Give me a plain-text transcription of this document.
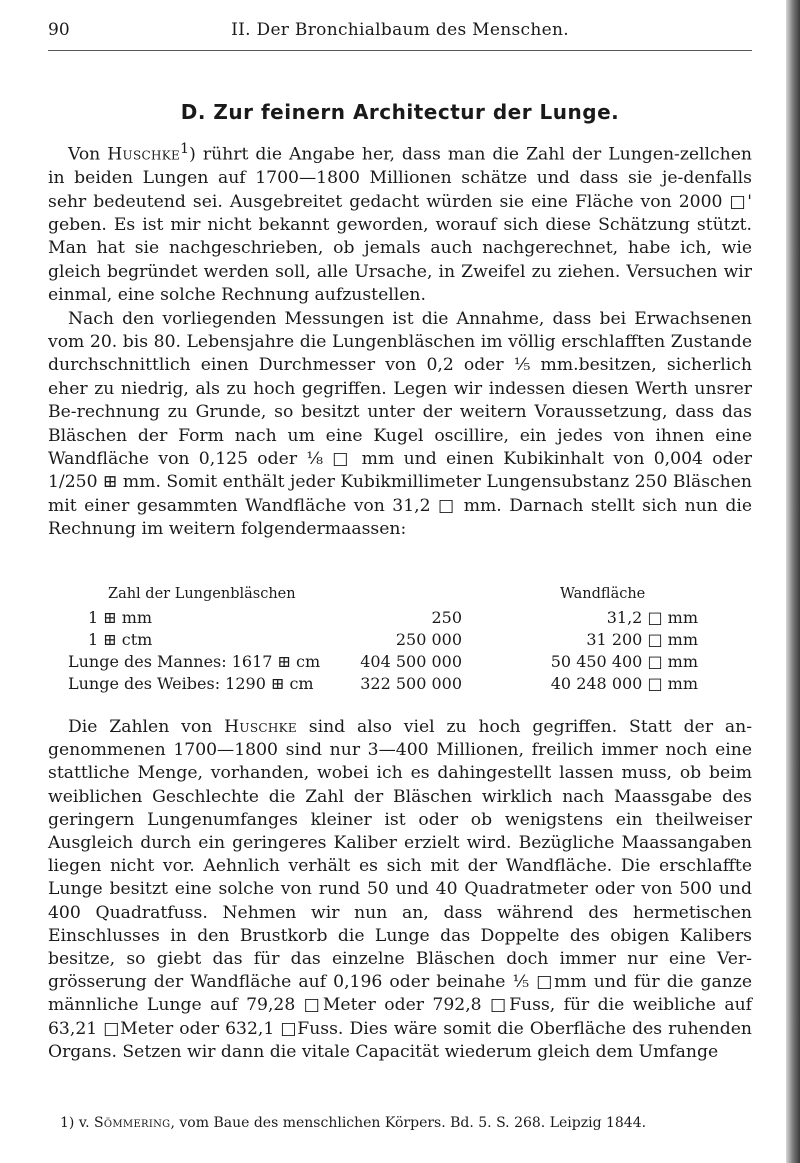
90	II. Der Bronchialbaum des Menschen.
D. Zur feinern Architectur der Lunge.

Von Huschke$^1$) rührt die Angabe her, dass man die Zahl der Lungen-zellchen in beiden Lungen auf 1700—1800 Millionen schätze und dass sie je-denfalls sehr bedeutend sei. Ausgebreitet gedacht würden sie eine Fläche von 2000 □' geben. Es ist mir nicht bekannt geworden, worauf sich diese Schätzung stützt. Man hat sie nachgeschrieben, ob jemals auch nachgerechnet, habe ich, wie gleich begründet werden soll, alle Ursache, in Zweifel zu ziehen. Versuchen wir einmal, eine solche Rechnung aufzustellen.

Nach den vorliegenden Messungen ist die Annahme, dass bei Erwachsenen vom 20. bis 80. Lebensjahre die Lungenbläschen im völlig erschlafften Zustande durchschnittlich einen Durchmesser von 0,2 oder ⅕ mm.besitzen, sicherlich eher zu niedrig, als zu hoch gegriffen. Legen wir indessen diesen Werth unsrer Be-rechnung zu Grunde, so besitzt unter der weitern Voraussetzung, dass das Bläschen der Form nach um eine Kugel oscillire, ein jedes von ihnen eine Wandfläche von 0,125 oder ⅛ □ mm und einen Kubikinhalt von 0,004 oder 1/250 ⊞ mm. Somit enthält jeder Kubikmillimeter Lungensubstanz 250 Bläschen mit einer gesammten Wandfläche von 31,2 □ mm. Darnach stellt sich nun die Rechnung im weitern folgendermaassen:

Zahl der Lungenbläschen	Wandfläche
1 ⊞ mm	250	31,2 □ mm
1 ⊞ ctm	250 000	31 200 □ mm
Lunge des Mannes: 1617 ⊞ cm	404 500 000	50 450 400 □ mm
Lunge des Weibes: 1290 ⊞ cm	322 500 000	40 248 000 □ mm

Die Zahlen von Huschke sind also viel zu hoch gegriffen. Statt der an-genommenen 1700—1800 sind nur 3—400 Millionen, freilich immer noch eine stattliche Menge, vorhanden, wobei ich es dahingestellt lassen muss, ob beim weiblichen Geschlechte die Zahl der Bläschen wirklich nach Maassgabe des geringern Lungenumfanges kleiner ist oder ob wenigstens ein theilweiser Ausgleich durch ein geringeres Kaliber erzielt wird. Bezügliche Maassangaben liegen nicht vor. Aehnlich verhält es sich mit der Wandfläche. Die erschlaffte Lunge besitzt eine solche von rund 50 und 40 Quadratmeter oder von 500 und 400 Quadratfuss. Nehmen wir nun an, dass während des hermetischen Einschlusses in den Brustkorb die Lunge das Doppelte des obigen Kalibers besitze, so giebt das für das einzelne Bläschen doch immer nur eine Ver-grösserung der Wandfläche auf 0,196 oder beinahe ⅕ □mm und für die ganze männliche Lunge auf 79,28 □Meter oder 792,8 □Fuss, für die weibliche auf 63,21 □Meter oder 632,1 □Fuss. Dies wäre somit die Oberfläche des ruhenden Organs. Setzen wir dann die vitale Capacität wiederum gleich dem Umfange

1) v. Sömmering, vom Baue des menschlichen Körpers. Bd. 5. S. 268. Leipzig 1844.
